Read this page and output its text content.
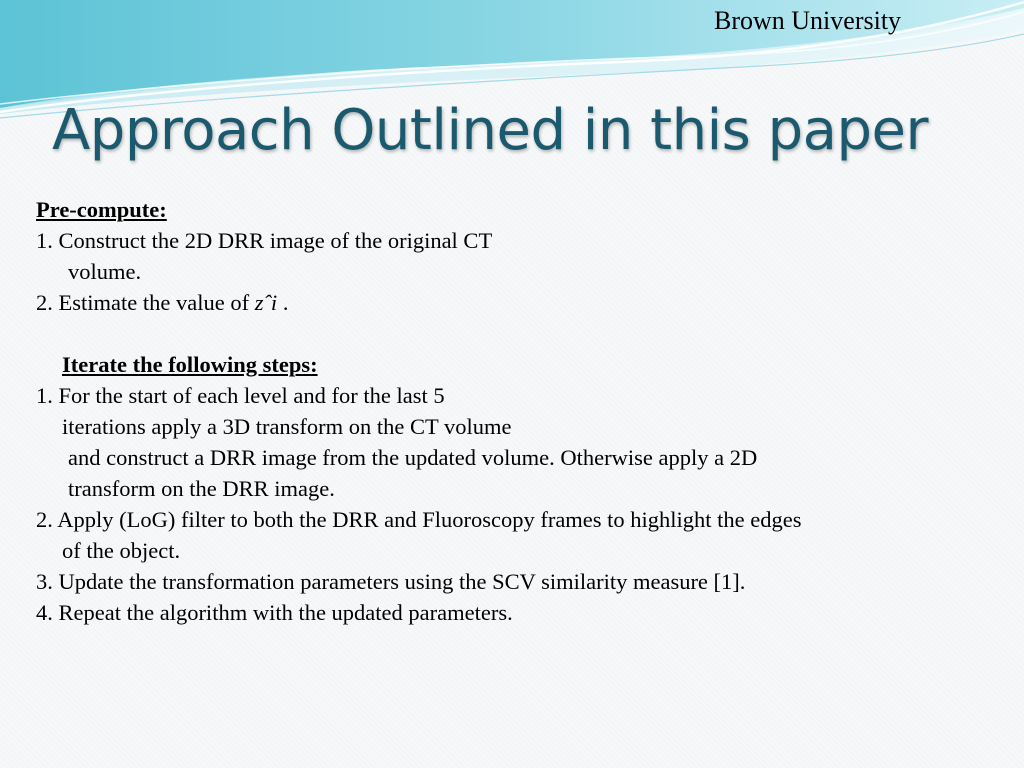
Brown University
Approach Outlined in this paper
Pre-compute:
1. Construct the 2D DRR image of the original CT
volume.
2. Estimate the value of zˆi .
Iterate the following steps:
1. For the start of each level and for the last 5
iterations apply a 3D transform on the CT volume
and construct a DRR image from the updated volume. Otherwise apply a 2D
transform on the DRR image.
2. Apply (LoG) filter to both the DRR and Fluoroscopy frames to highlight the edges
of the object.
3. Update the transformation parameters using the SCV similarity measure [1].
4. Repeat the algorithm with the updated parameters.
